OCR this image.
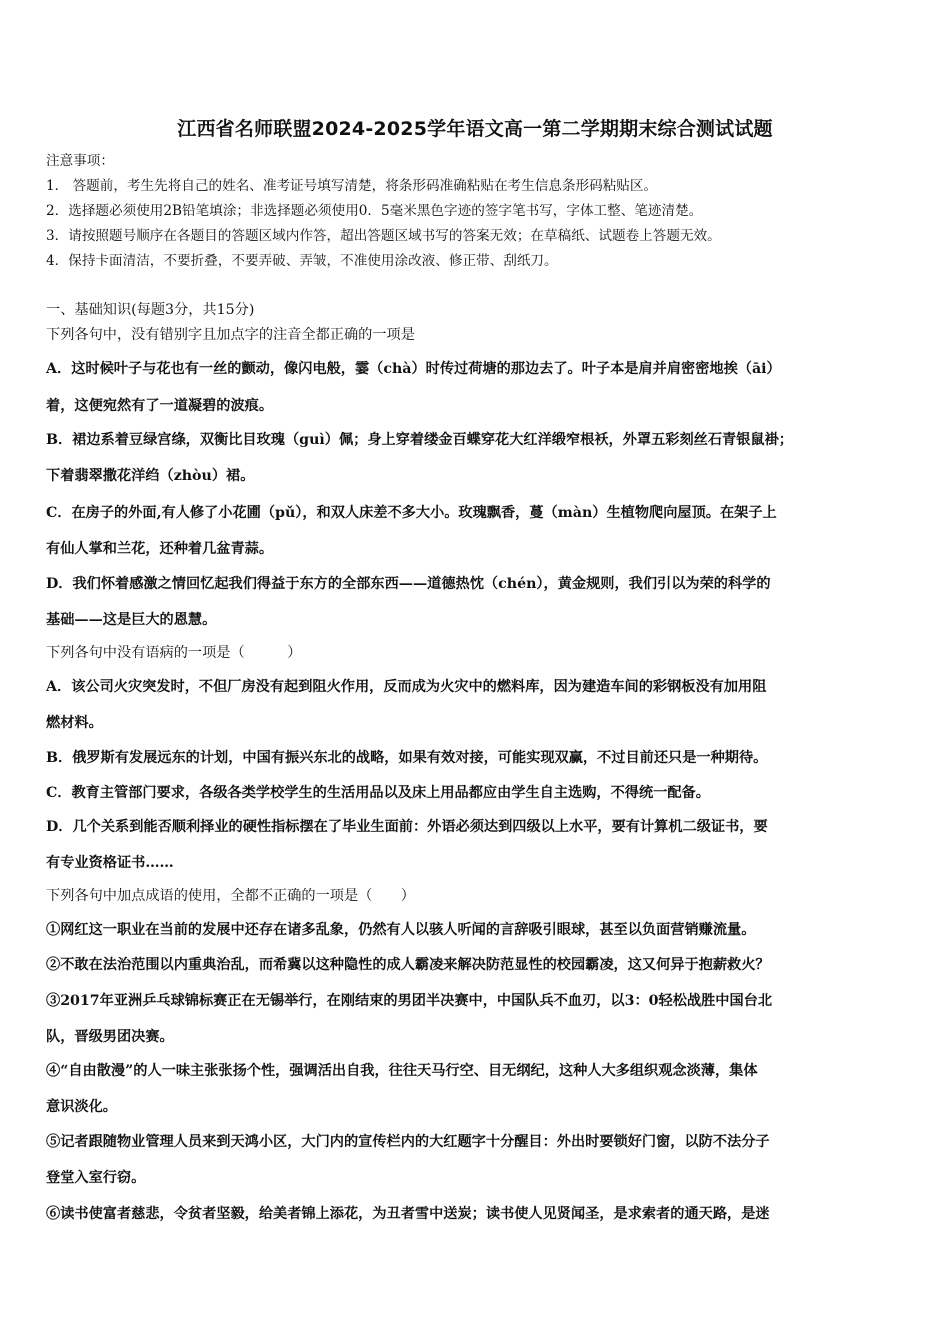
江西省名师联盟2024-2025学年语文高一第二学期期末综合测试试题
注意事项：
1． 答题前，考生先将自己的姓名、准考证号填写清楚，将条形码准确粘贴在考生信息条形码粘贴区。
2．选择题必须使用2B铅笔填涂；非选择题必须使用0．5毫米黑色字迹的签字笔书写，字体工整、笔迹清楚。
3．请按照题号顺序在各题目的答题区域内作答，超出答题区域书写的答案无效；在草稿纸、试题卷上答题无效。
4．保持卡面清洁，不要折叠，不要弄破、弄皱，不准使用涂改液、修正带、刮纸刀。
一、基础知识(每题3分，共15分)
下列各句中，没有错别字且加点字的注音全都正确的一项是
A．这时候叶子与花也有一丝的颤动，像闪电般，霎（chà）时传过荷塘的那边去了。叶子本是肩并肩密密地挨（āi）
着，这便宛然有了一道凝碧的波痕。
B．裙边系着豆绿宫绦，双衡比目玫瑰（guì）佩；身上穿着缕金百蝶穿花大红洋缎窄根袄，外罩五彩刻丝石青银鼠褂；
下着翡翠撒花洋绉（zhòu）裙。
C．在房子的外面,有人修了小花圃（pǔ），和双人床差不多大小。玫瑰飘香，蔓（màn）生植物爬向屋顶。在架子上
有仙人掌和兰花，还种着几盆青蒜。
D．我们怀着感激之情回忆起我们得益于东方的全部东西——道德热忱（chén），黄金规则，我们引以为荣的科学的
基础——这是巨大的恩慧。
下列各句中没有语病的一项是（　　　）
A．该公司火灾突发时，不但厂房没有起到阻火作用，反而成为火灾中的燃料库，因为建造车间的彩钢板没有加用阻
燃材料。
B．俄罗斯有发展远东的计划，中国有振兴东北的战略，如果有效对接，可能实现双赢，不过目前还只是一种期待。
C．教育主管部门要求，各级各类学校学生的生活用品以及床上用品都应由学生自主选购，不得统一配备。
D．几个关系到能否顺利择业的硬性指标摆在了毕业生面前：外语必须达到四级以上水平，要有计算机二级证书，要
有专业资格证书……
下列各句中加点成语的使用，全都不正确的一项是（　　）
①网红这一职业在当前的发展中还存在诸多乱象，仍然有人以骇人听闻的言辞吸引眼球，甚至以负面营销赚流量。
②不敢在法治范围以内重典治乱，而希冀以这种隐性的成人霸凌来解决防范显性的校园霸凌，这又何异于抱薪救火？
③2017年亚洲乒乓球锦标赛正在无锡举行，在刚结束的男团半决赛中，中国队兵不血刃，以3：0轻松战胜中国台北
队，晋级男团决赛。
④“自由散漫”的人一味主张张扬个性，强调活出自我，往往天马行空、目无纲纪，这种人大多组织观念淡薄，集体
意识淡化。
⑤记者跟随物业管理人员来到天鸿小区，大门内的宣传栏内的大红题字十分醒目：外出时要锁好门窗，以防不法分子
登堂入室行窃。
⑥读书使富者慈悲，令贫者坚毅，给美者锦上添花，为丑者雪中送炭；读书使人见贤闻圣，是求索者的通天路，是迷
